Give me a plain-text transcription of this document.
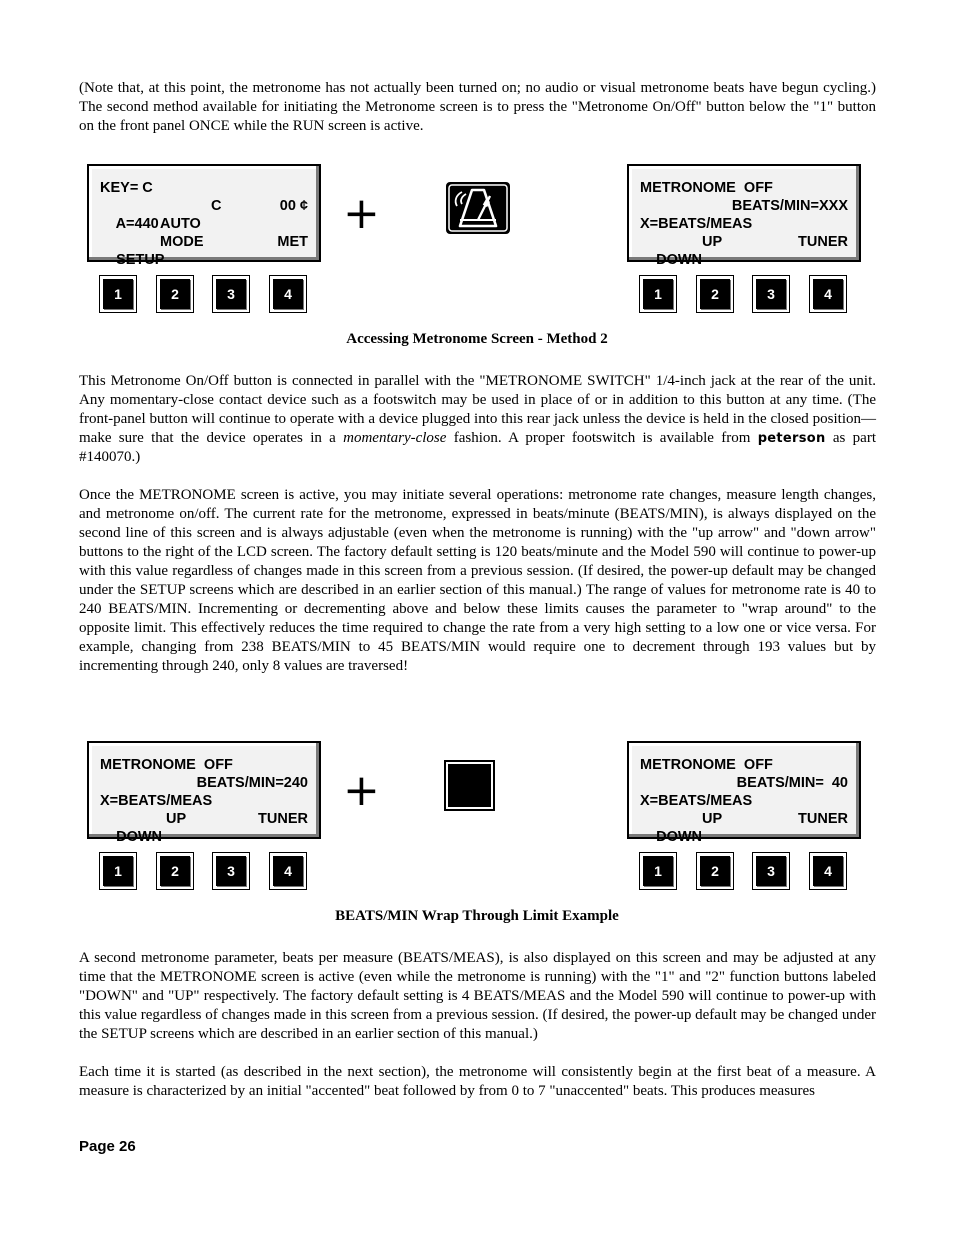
(Note that, at this point, the metronome has not actually been turned on; no audio or visual metronome beats have begun cycling.) The second method available for initiating the Metronome screen is to press the "Metronome On/Off" button below the "1" button on the front panel ONCE while the RUN screen is active.

KEY= C

A=440

C

	00 ¢

AUTO

SETUP

MODE

	MET

+	METRONOME  OFF
BEATS/MIN=XXX
X=BEATS/MEAS

DOWN

UP

	TUNER

1	2	3	4	1	2	3	4

Accessing Metronome Screen - Method 2

This Metronome On/Off button is connected in parallel with the "METRONOME SWITCH" 1/4-inch jack at the rear of the unit. Any momentary-close contact device such as a footswitch may be used in place of or in addition to this button at any time. (The front-panel button will continue to operate with a device plugged into this rear jack unless the device is held in the closed position—make sure that the device operates in a momentary-close fashion. A proper footswitch is available from peterson as part #140070.)

Once the METRONOME screen is active, you may initiate several operations: metronome rate changes, measure length changes, and metronome on/off. The current rate for the metronome, expressed in beats/minute (BEATS/MIN), is always displayed on the second line of this screen and is always adjustable (even when the metronome is running) with the "up arrow" and "down arrow" buttons to the right of the LCD screen. The factory default setting is 120 beats/minute and the Model 590 will continue to power-up with this value regardless of changes made in this screen from a previous session. (If desired, the power-up default may be changed under the SETUP screens which are described in an earlier section of this manual.) The range of values for metronome rate is 40 to 240 BEATS/MIN. Incrementing or decrementing above and below these limits causes the parameter to "wrap around" to the opposite limit. This effectively reduces the time required to change the rate from a very high setting to a low one or vice versa. For example, changing from 238 BEATS/MIN to 45 BEATS/MIN would require one to decrement through 193 values but by incrementing through 240, only 8 values are traversed!

METRONOME  OFF
BEATS/MIN=240
X=BEATS/MEAS

DOWN

UP

	TUNER

+	METRONOME  OFF
BEATS/MIN=  40
X=BEATS/MEAS

DOWN

UP

	TUNER

1	2	3	4	1	2	3	4

BEATS/MIN Wrap Through Limit Example

A second metronome parameter, beats per measure (BEATS/MEAS), is also displayed on this screen and may be adjusted at any time that the METRONOME screen is active (even while the metronome is running) with the "1" and "2" function buttons labeled "DOWN" and "UP" respectively. The factory default setting is 4 BEATS/MEAS and the Model 590 will continue to power-up with this value regardless of changes made in this screen from a previous session. (If desired, the power-up default may be changed under the SETUP screens which are described in an earlier section of this manual.)

Each time it is started (as described in the next section), the metronome will consistently begin at the first beat of a measure. A measure is characterized by an initial "accented" beat followed by from 0 to 7 "unaccented" beats. This produces measures

Page 26
